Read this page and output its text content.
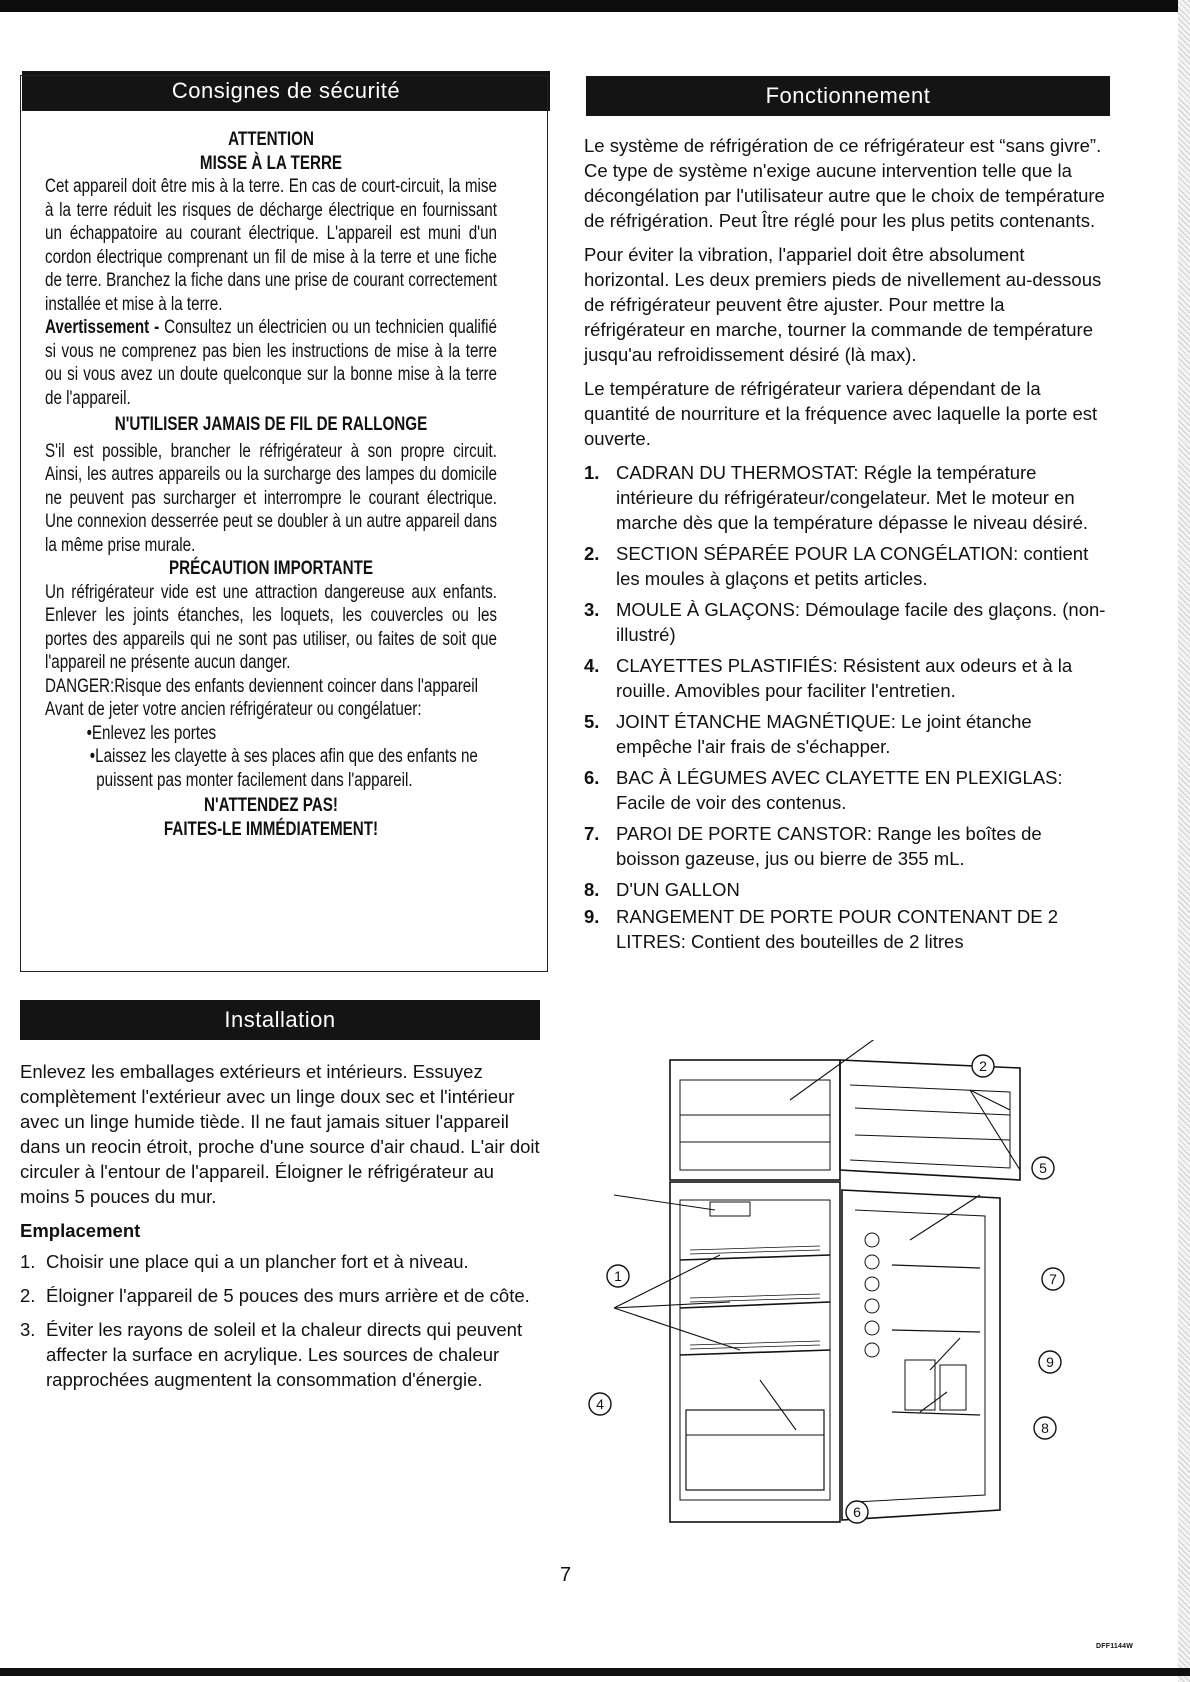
Consignes de sécurité

ATTENTION

MISSE À LA TERRE

Cet appareil doit être mis à la terre. En cas de court-circuit, la mise à la terre réduit les risques de décharge électrique en fournissant un échappatoire au courant électrique. L'appareil est muni d'un cordon électrique comprenant un fil de mise à la terre et une fiche de terre. Branchez la fiche dans une prise de courant correctement installée et mise à la terre.

Avertissement - Consultez un électricien ou un technicien qualifié si vous ne comprenez pas bien les instructions de mise à la terre ou si vous avez un doute quelconque sur la bonne mise à la terre de l'appareil.

N'UTILISER JAMAIS DE FIL DE RALLONGE

S'il est possible, brancher le réfrigérateur à son propre circuit. Ainsi, les autres appareils ou la surcharge des lampes du domicile ne peuvent pas surcharger et interrompre le courant électrique. Une connexion desserrée peut se doubler à un autre appareil dans la même prise murale.

PRÉCAUTION IMPORTANTE

Un réfrigérateur vide est une attraction dangereuse aux enfants. Enlever les joints étanches, les loquets, les couvercles ou les portes des appareils qui ne sont pas utiliser, ou faites de soit que l'appareil ne présente aucun danger.

DANGER:Risque des enfants deviennent coincer dans l'appareil

Avant de jeter votre ancien réfrigérateur ou congélatuer:

•Enlevez les portes

•Laissez les clayette à ses places afin que des enfants ne puissent pas monter facilement dans l'appareil.

N'ATTENDEZ PAS!

FAITES-LE IMMÉDIATEMENT!

Installation

Enlevez les emballages extérieurs et intérieurs. Essuyez complètement l'extérieur avec un linge doux sec et l'intérieur avec un linge humide tiède. Il ne faut jamais situer l'appareil dans un reocin étroit, proche d'une source d'air chaud. L'air doit circuler à l'entour de l'appareil. Éloigner le réfrigérateur au moins 5 pouces du mur.

Emplacement

1. Choisir une place qui a un plancher fort et à niveau.
2. Éloigner l'appareil de 5 pouces des murs arrière et de côte.
3. Éviter les rayons de soleil et la chaleur directs qui peuvent affecter la surface en acrylique. Les sources de chaleur rapprochées augmentent la consommation d'énergie.
Fonctionnement

Le système de réfrigération de ce réfrigérateur est “sans givre”. Ce type de système n'exige aucune intervention telle que la décongélation par l'utilisateur autre que le choix de température de réfrigération. Peut Ître réglé pour les plus petits contenants.

Pour éviter la vibration, l'appariel doit être absolument horizontal. Les deux premiers pieds de nivellement au-dessous de réfrigérateur peuvent être ajuster. Pour mettre la réfrigérateur en marche, tourner la commande de température jusqu'au refroidissement désiré (là max).

Le température de réfrigérateur variera dépendant de la quantité de nourriture et la fréquence avec laquelle la porte est ouverte.

1. CADRAN DU THERMOSTAT: Régle la température intérieure du réfrigérateur/congelateur. Met le moteur en marche dès que la température dépasse le niveau désiré.
2. SECTION SÉPARÉE POUR LA CONGÉLATION: contient les moules à glaçons et petits articles.
3. MOULE À GLAÇONS: Démoulage facile des glaçons. (non-illustré)
4. CLAYETTES PLASTIFIÉS: Résistent aux odeurs et à la rouille. Amovibles pour faciliter l'entretien.
5. JOINT ÉTANCHE MAGNÉTIQUE: Le joint étanche empêche l'air frais de s'échapper.
6. BAC À LÉGUMES AVEC CLAYETTE EN PLEXIGLAS: Facile de voir des contenus.
7. PAROI DE PORTE CANSTOR: Range les boîtes de boisson gazeuse, jus ou bierre de 355 mL.
8. D'UN GALLON
9. RANGEMENT DE PORTE POUR CONTENANT DE 2 LITRES: Contient des bouteilles de 2 litres
1
2
4
5
6
7
8
9
7
DFF1144W
